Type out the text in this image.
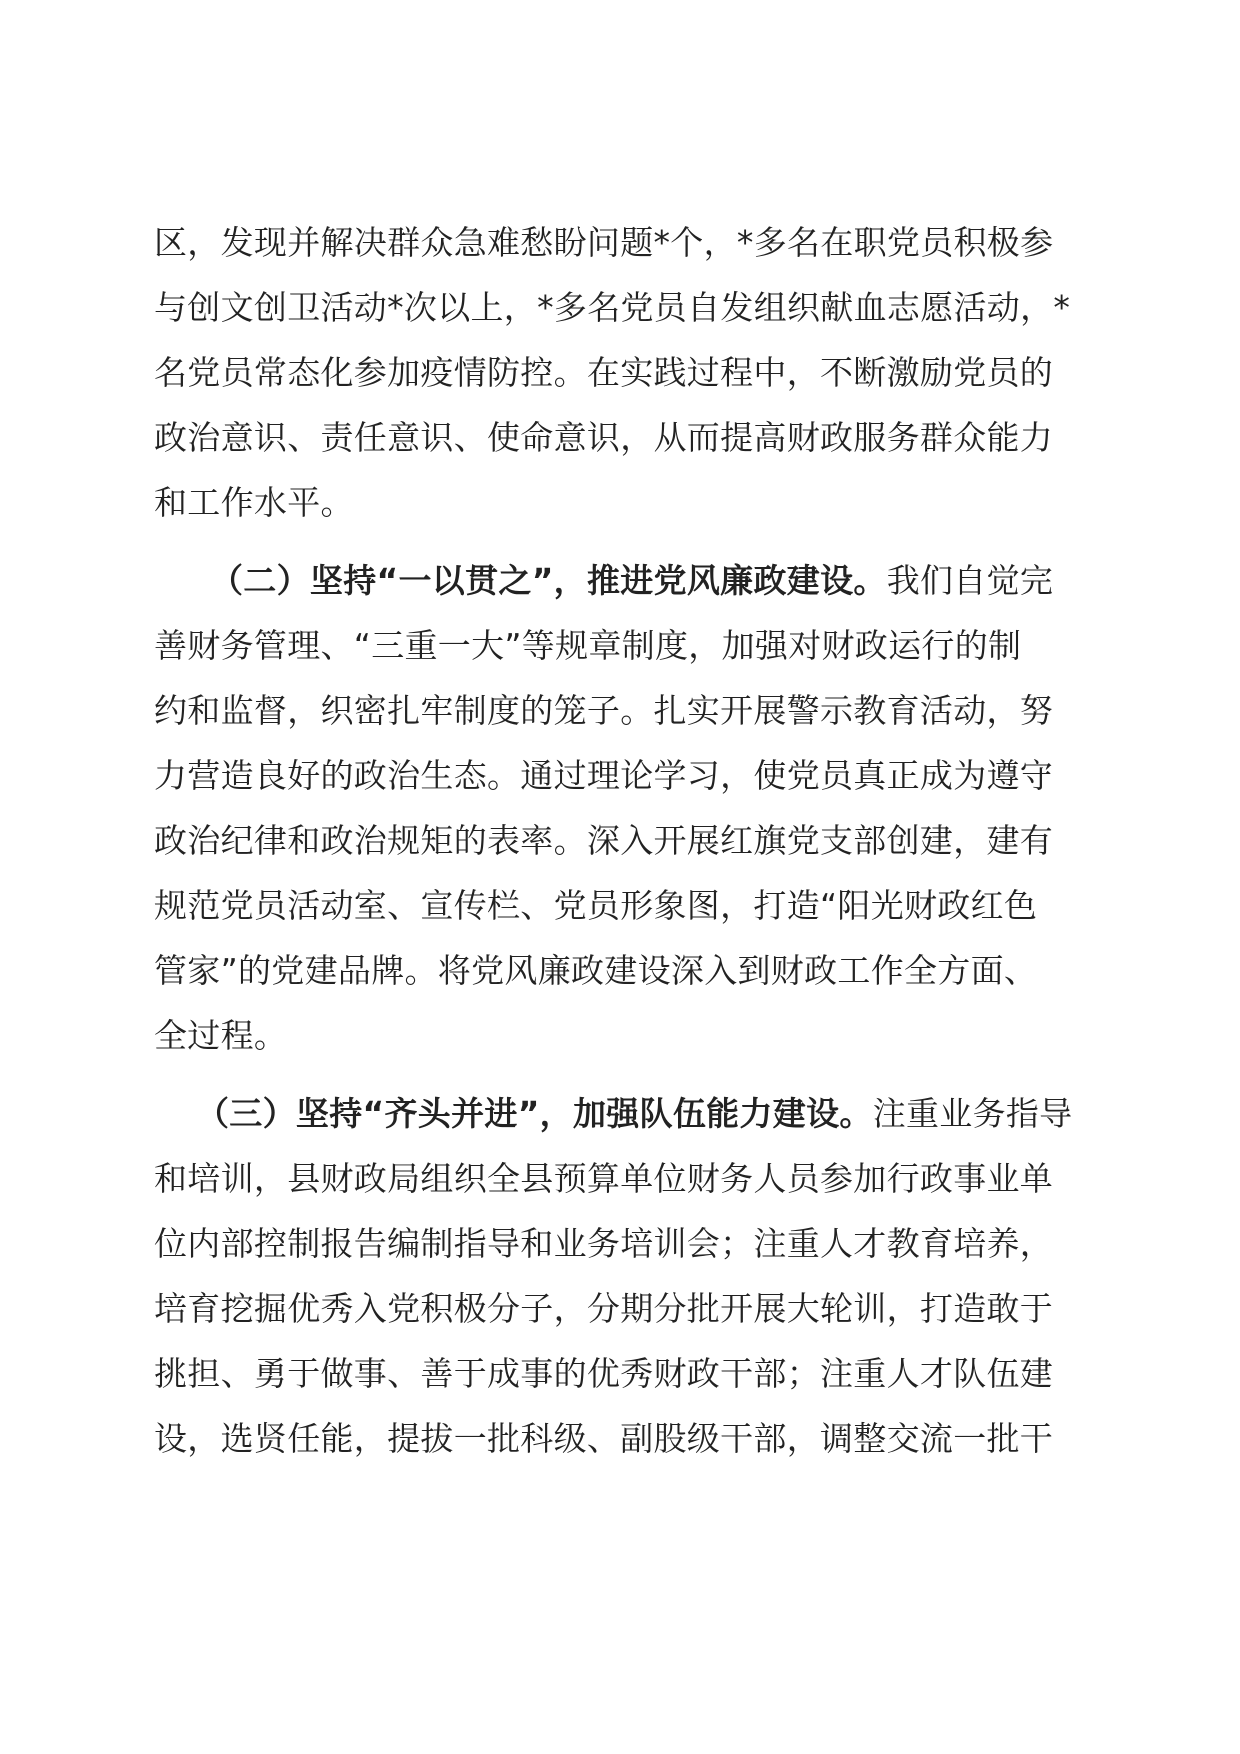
区，发现并解决群众急难愁盼问题*个，*多名在职党员积极参
与创文创卫活动*次以上，*多名党员自发组织献血志愿活动，*
名党员常态化参加疫情防控。在实践过程中，不断激励党员的
政治意识、责任意识、使命意识，从而提高财政服务群众能力
和工作水平。
（二）坚持“一以贯之”，推进党风廉政建设。我们自觉完
善财务管理、“三重一大”等规章制度，加强对财政运行的制
约和监督，织密扎牢制度的笼子。扎实开展警示教育活动，努
力营造良好的政治生态。通过理论学习，使党员真正成为遵守
政治纪律和政治规矩的表率。深入开展红旗党支部创建，建有
规范党员活动室、宣传栏、党员形象图，打造“阳光财政红色
管家”的党建品牌。将党风廉政建设深入到财政工作全方面、
全过程。
（三）坚持“齐头并进”，加强队伍能力建设。注重业务指导
和培训，县财政局组织全县预算单位财务人员参加行政事业单
位内部控制报告编制指导和业务培训会；注重人才教育培养，
培育挖掘优秀入党积极分子，分期分批开展大轮训，打造敢于
挑担、勇于做事、善于成事的优秀财政干部；注重人才队伍建
设，选贤任能，提拔一批科级、副股级干部，调整交流一批干
